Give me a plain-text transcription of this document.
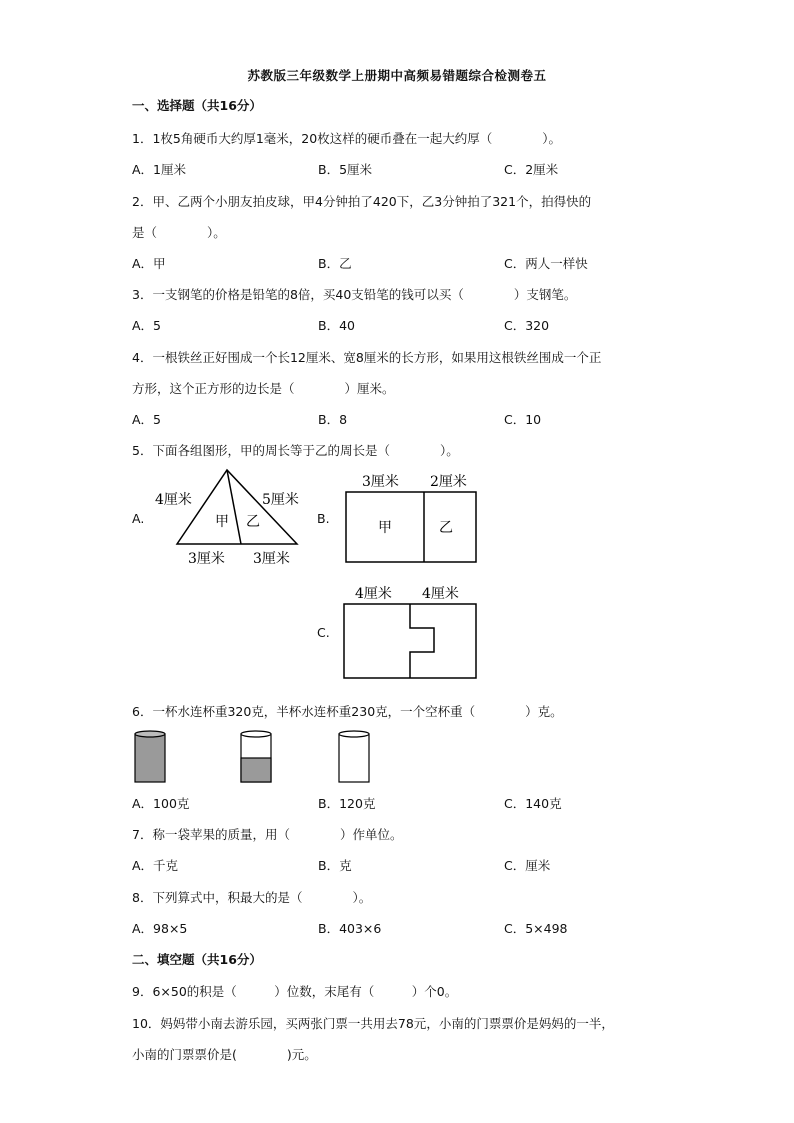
苏教版三年级数学上册期中高频易错题综合检测卷五
一、选择题（共16分）
1．1枚5角硬币大约厚1毫米，20枚这样的硬币叠在一起大约厚（　　　　）。
A．1厘米	B．5厘米	C．2厘米
2．甲、乙两个小朋友拍皮球，甲4分钟拍了420下，乙3分钟拍了321个，拍得快的
是（　　　　）。
A．甲	B．乙	C．两人一样快
3．一支钢笔的价格是铅笔的8倍，买40支铅笔的钱可以买（　　　　）支钢笔。
A．5	B．40	C．320
4．一根铁丝正好围成一个长12厘米、宽8厘米的长方形，如果用这根铁丝围成一个正
方形，这个正方形的边长是（　　　　）厘米。
A．5	B．8	C．10
5．下面各组图形，甲的周长等于乙的周长是（　　　　）。
A.
4厘米	5厘米
甲 乙
3厘米 3厘米
B.
3厘米 2厘米
甲	乙
C.
4厘米 4厘米
6．一杯水连杯重320克，半杯水连杯重230克，一个空杯重（　　　　）克。
A．100克	B．120克	C．140克
7．称一袋苹果的质量，用（　　　　）作单位。
A．千克	B．克	C．厘米
8．下列算式中，积最大的是（　　　　）。
A．98×5	B．403×6	C．5×498
二、填空题（共16分）
9．6×50的积是（　　　）位数，末尾有（　　　）个0。
10．妈妈带小南去游乐园，买两张门票一共用去78元，小南的门票票价是妈妈的一半，
小南的门票票价是(　　　　)元。
